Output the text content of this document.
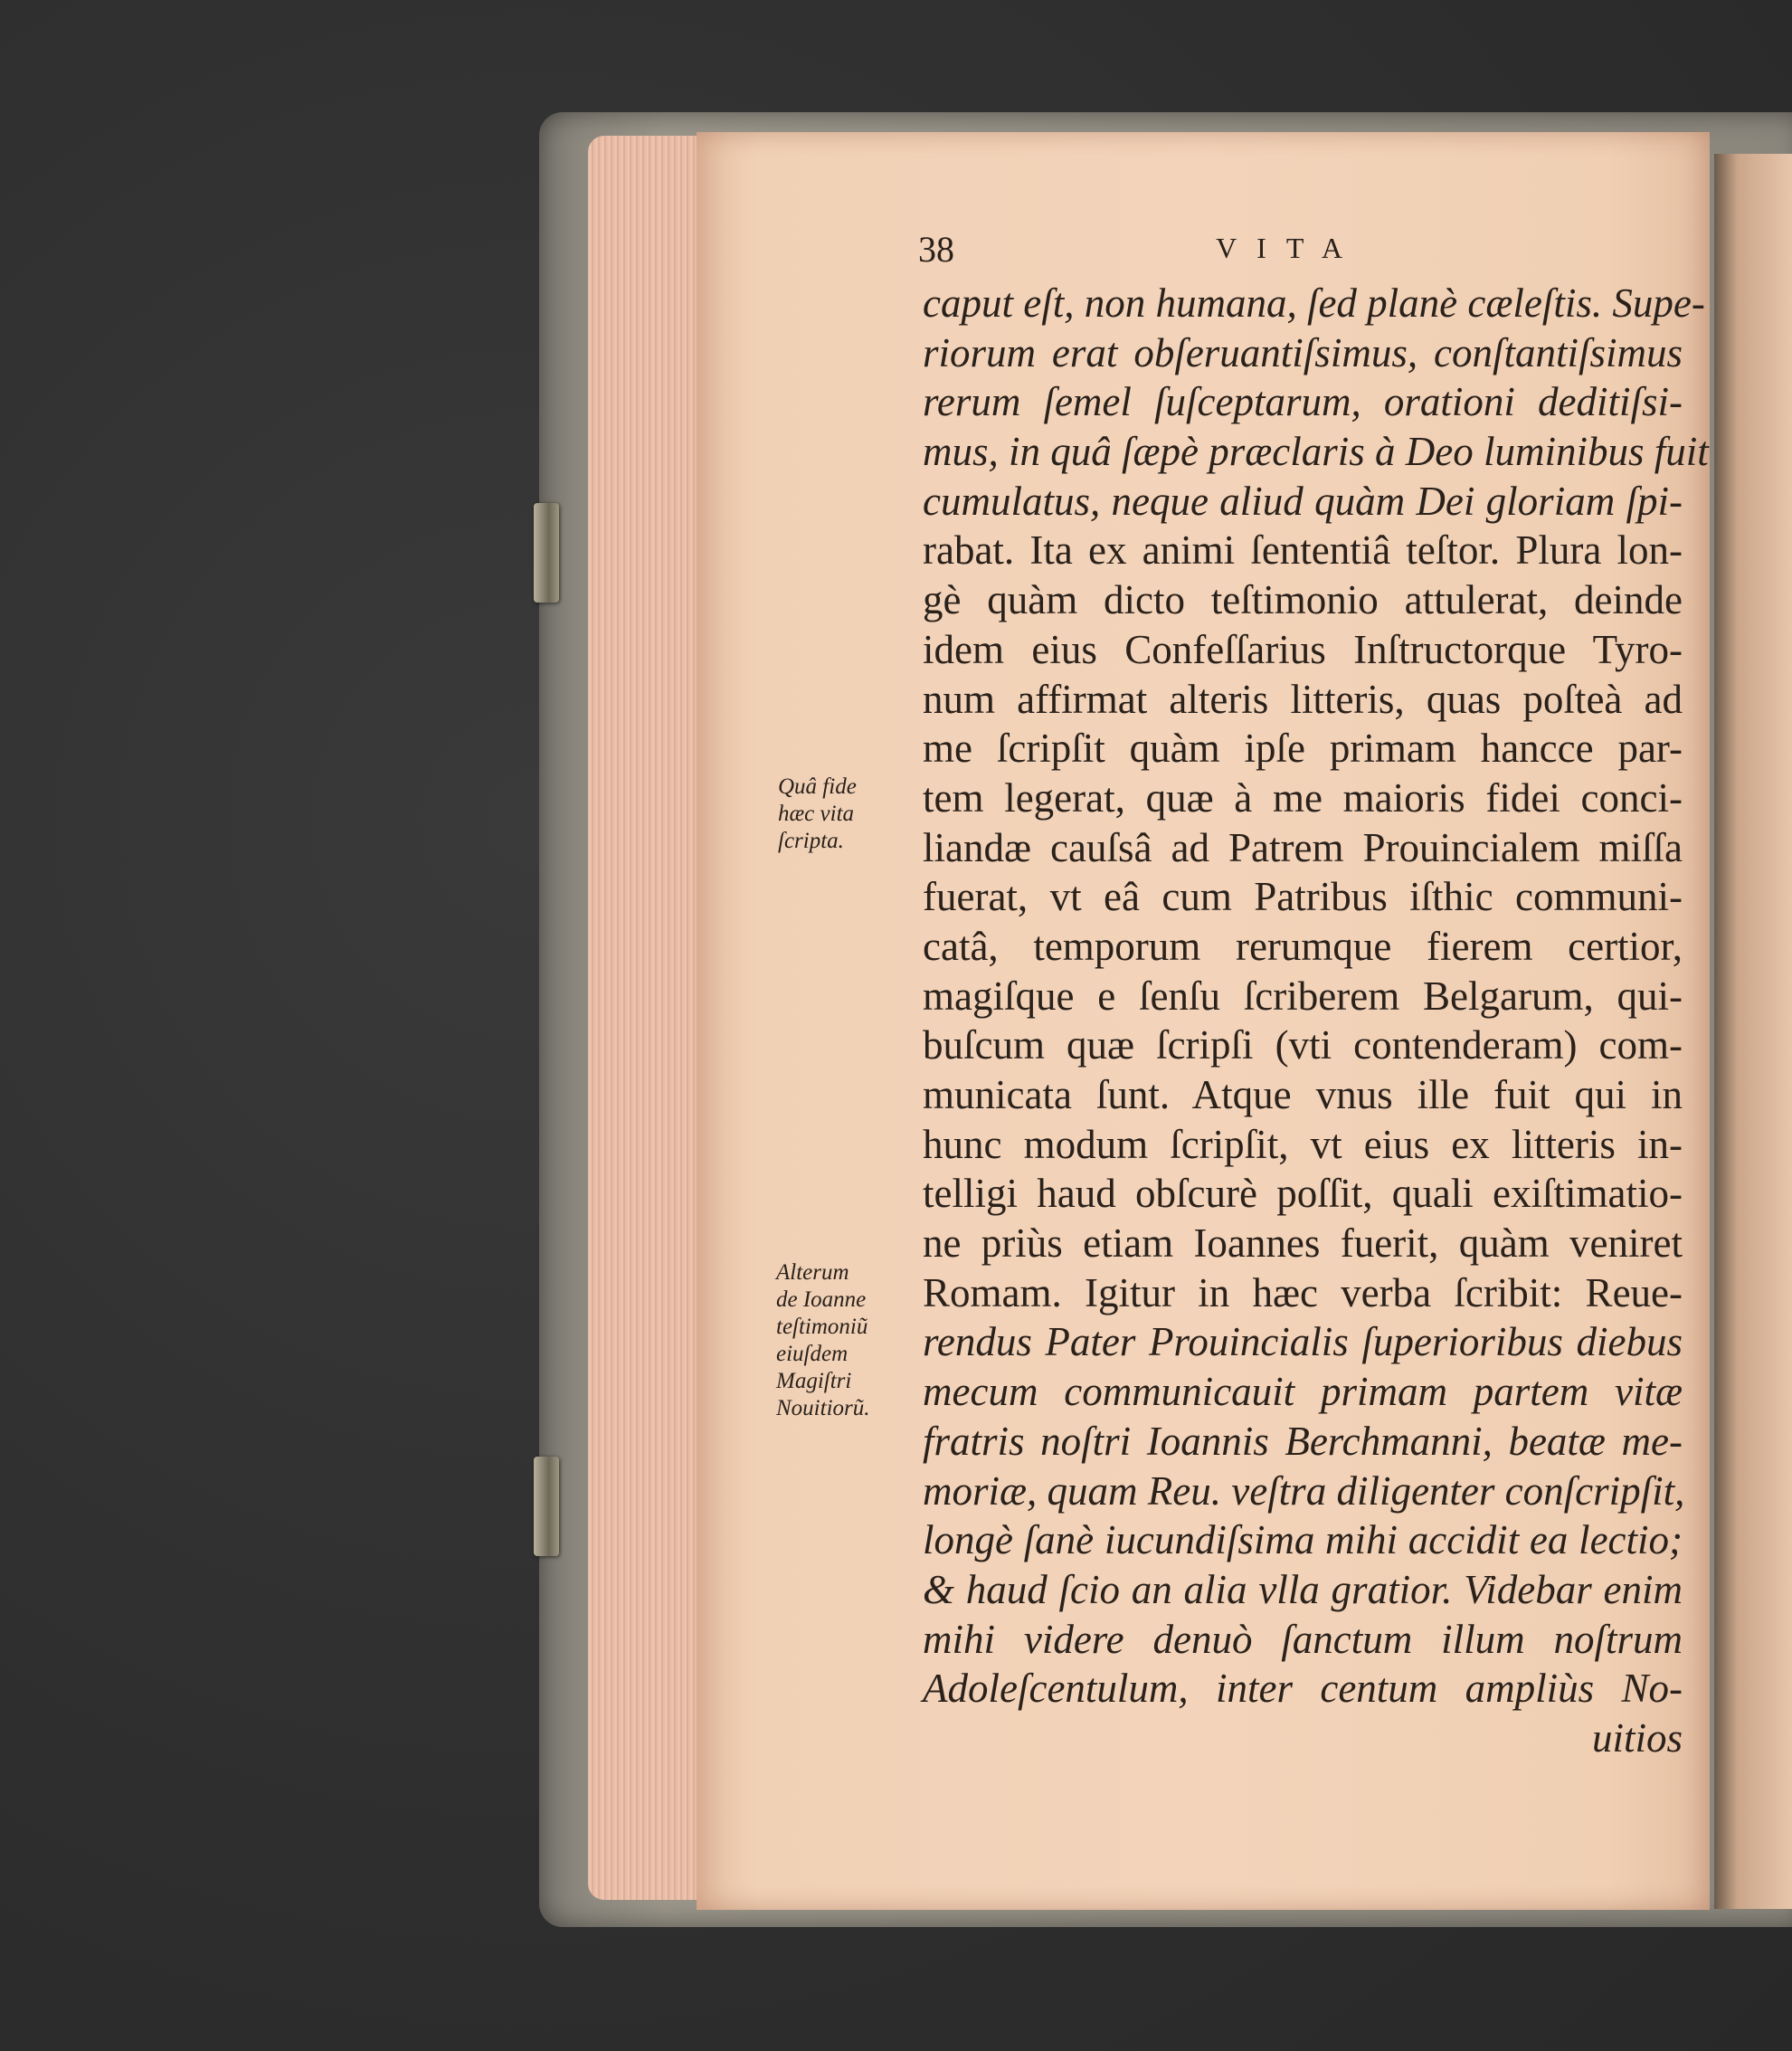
38	VITA
Quâ fide
hæc vita
ſcripta.
Alterum
de Ioanne
teſtimoniũ
eiuſdem
Magiſtri
Nouitiorũ.
caput eſt, non humana, ſed planè cæleſtis. Supe-
riorum erat obſeruantiſsimus, conſtantiſsimus
rerum ſemel ſuſceptarum, orationi deditiſsi-
mus, in quâ ſæpè præclaris à Deo luminibus fuit
cumulatus, neque aliud quàm Dei gloriam ſpi-
rabat. Ita ex animi ſententiâ teſtor. Plura lon-
gè quàm dicto teſtimonio attulerat, deinde
idem eius Confeſſarius Inſtructorque Tyro-
num affirmat alteris litteris, quas poſteà ad
me ſcripſit quàm ipſe primam hancce par-
tem legerat, quæ à me maioris fidei conci-
liandæ cauſsâ ad Patrem Prouincialem miſſa
fuerat, vt eâ cum Patribus iſthic communi-
catâ, temporum rerumque fierem certior,
magiſque e ſenſu ſcriberem Belgarum, qui-
buſcum quæ ſcripſi (vti contenderam) com-
municata ſunt. Atque vnus ille fuit qui in
hunc modum ſcripſit, vt eius ex litteris in-
telligi haud obſcurè poſſit, quali exiſtimatio-
ne priùs etiam Ioannes fuerit, quàm veniret
Romam. Igitur in hæc verba ſcribit: Reue-
rendus Pater Prouincialis ſuperioribus diebus
mecum communicauit primam partem vitæ
fratris noſtri Ioannis Berchmanni, beatæ me-
moriæ, quam Reu. veſtra diligenter conſcripſit,
longè ſanè iucundiſsima mihi accidit ea lectio;
& haud ſcio an alia vlla gratior. Videbar enim
mihi videre denuò ſanctum illum noſtrum
Adoleſcentulum, inter centum ampliùs No-
uitios
